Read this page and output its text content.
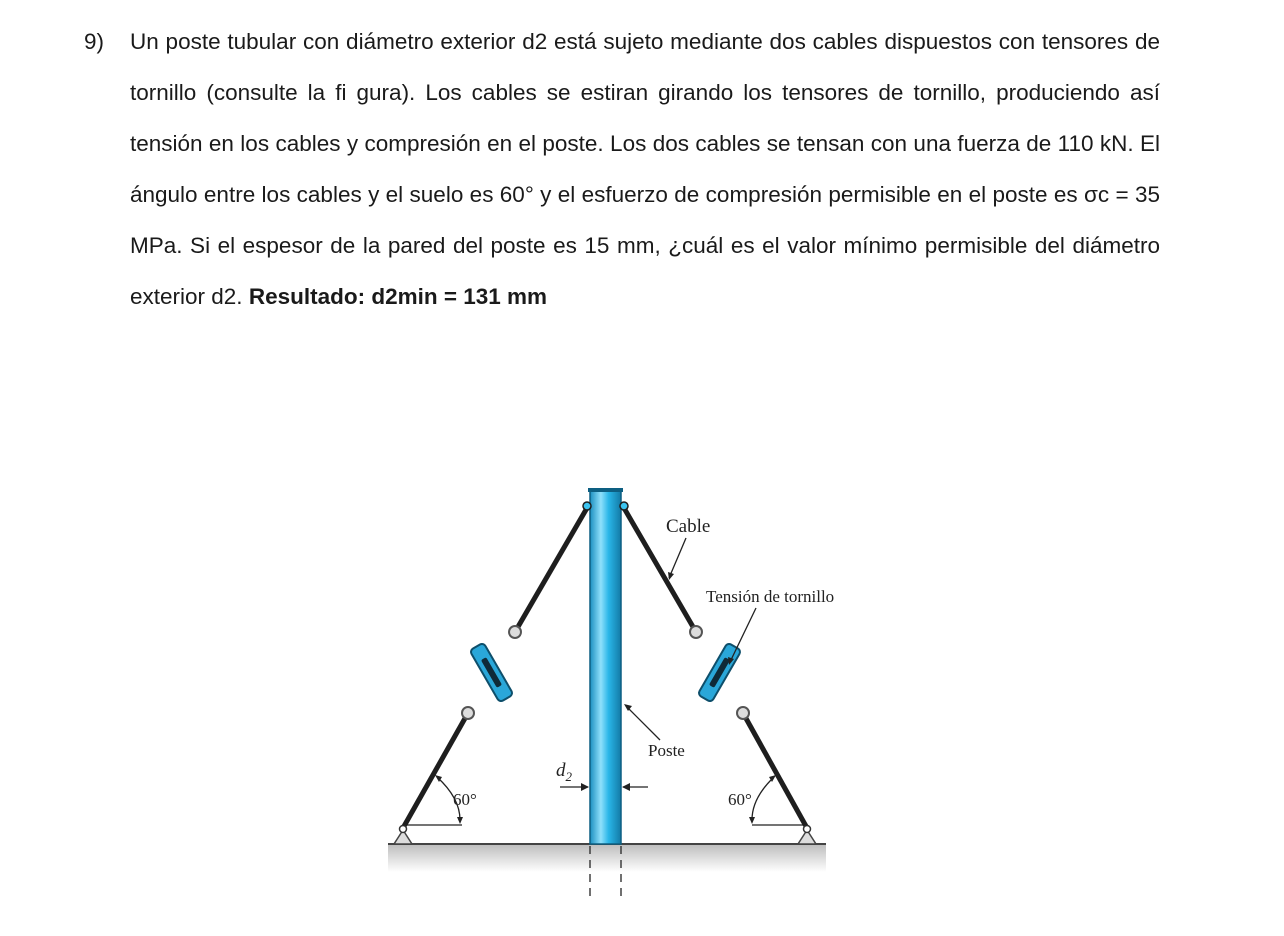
9) Un poste tubular con diámetro exterior d2 está sujeto mediante dos cables dispuestos con tensores de tornillo (consulte la fi gura). Los cables se estiran girando los tensores de tornillo, produciendo así tensión en los cables y compresión en el poste. Los dos cables se tensan con una fuerza de 110 kN. El ángulo entre los cables y el suelo es 60° y el esfuerzo de compresión permisible en el poste es σc = 35 MPa. Si el espesor de la pared del poste es 15 mm, ¿cuál es el valor mínimo permisible del diámetro exterior d2. Resultado: d2min = 131 mm
60°	60°
$d_2$
Cable
Tensión de tornillo
Poste
